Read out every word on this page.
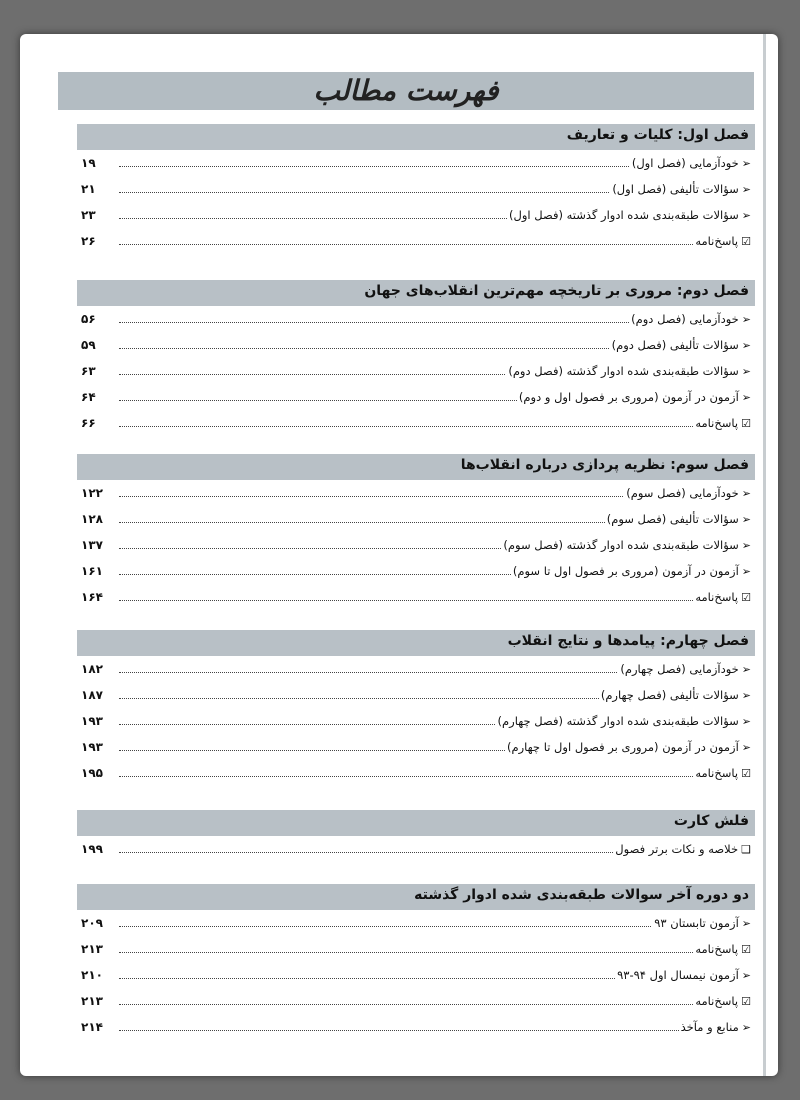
فهرست مطالب
فصل اول: کلیات و تعاریف
➢خودآزمایی (فصل اول)
۱۹
➢سؤالات تألیفی (فصل اول)
۲۱
➢سؤالات طبقه‌بندی شده ادوار گذشته (فصل اول)
۲۳
☑پاسخ‌نامه
۲۶
فصل دوم: مروری بر تاریخچه مهم‌ترین انقلاب‌های جهان
➢خودآزمایی (فصل دوم)
۵۶
➢سؤالات تألیفی (فصل دوم)
۵۹
➢سؤالات طبقه‌بندی شده ادوار گذشته (فصل دوم)
۶۳
➢آزمون در آزمون (مروری بر فصول اول و دوم)
۶۴
☑پاسخ‌نامه
۶۶
فصل سوم: نظریه پردازی درباره انقلاب‌ها
➢خودآزمایی (فصل سوم)
۱۲۲
➢سؤالات تألیفی (فصل سوم)
۱۲۸
➢سؤالات طبقه‌بندی شده ادوار گذشته (فصل سوم)
۱۳۷
➢آزمون در آزمون (مروری بر فصول اول تا سوم)
۱۶۱
☑پاسخ‌نامه
۱۶۴
فصل چهارم: پیامدها و نتایج انقلاب
➢خودآزمایی (فصل چهارم)
۱۸۲
➢سؤالات تألیفی (فصل چهارم)
۱۸۷
➢سؤالات طبقه‌بندی شده ادوار گذشته (فصل چهارم)
۱۹۳
➢آزمون در آزمون (مروری بر فصول اول تا چهارم)
۱۹۳
☑پاسخ‌نامه
۱۹۵
فلش کارت
❑خلاصه و نکات برتر فصول
۱۹۹
دو دوره آخر سوالات طبقه‌بندی شده ادوار گذشته
➢آزمون تابستان ۹۳
۲۰۹
☑پاسخ‌نامه
۲۱۳
➢آزمون نیمسال اول ۹۴-۹۳
۲۱۰
☑پاسخ‌نامه
۲۱۳
➢منابع و مآخذ
۲۱۴
